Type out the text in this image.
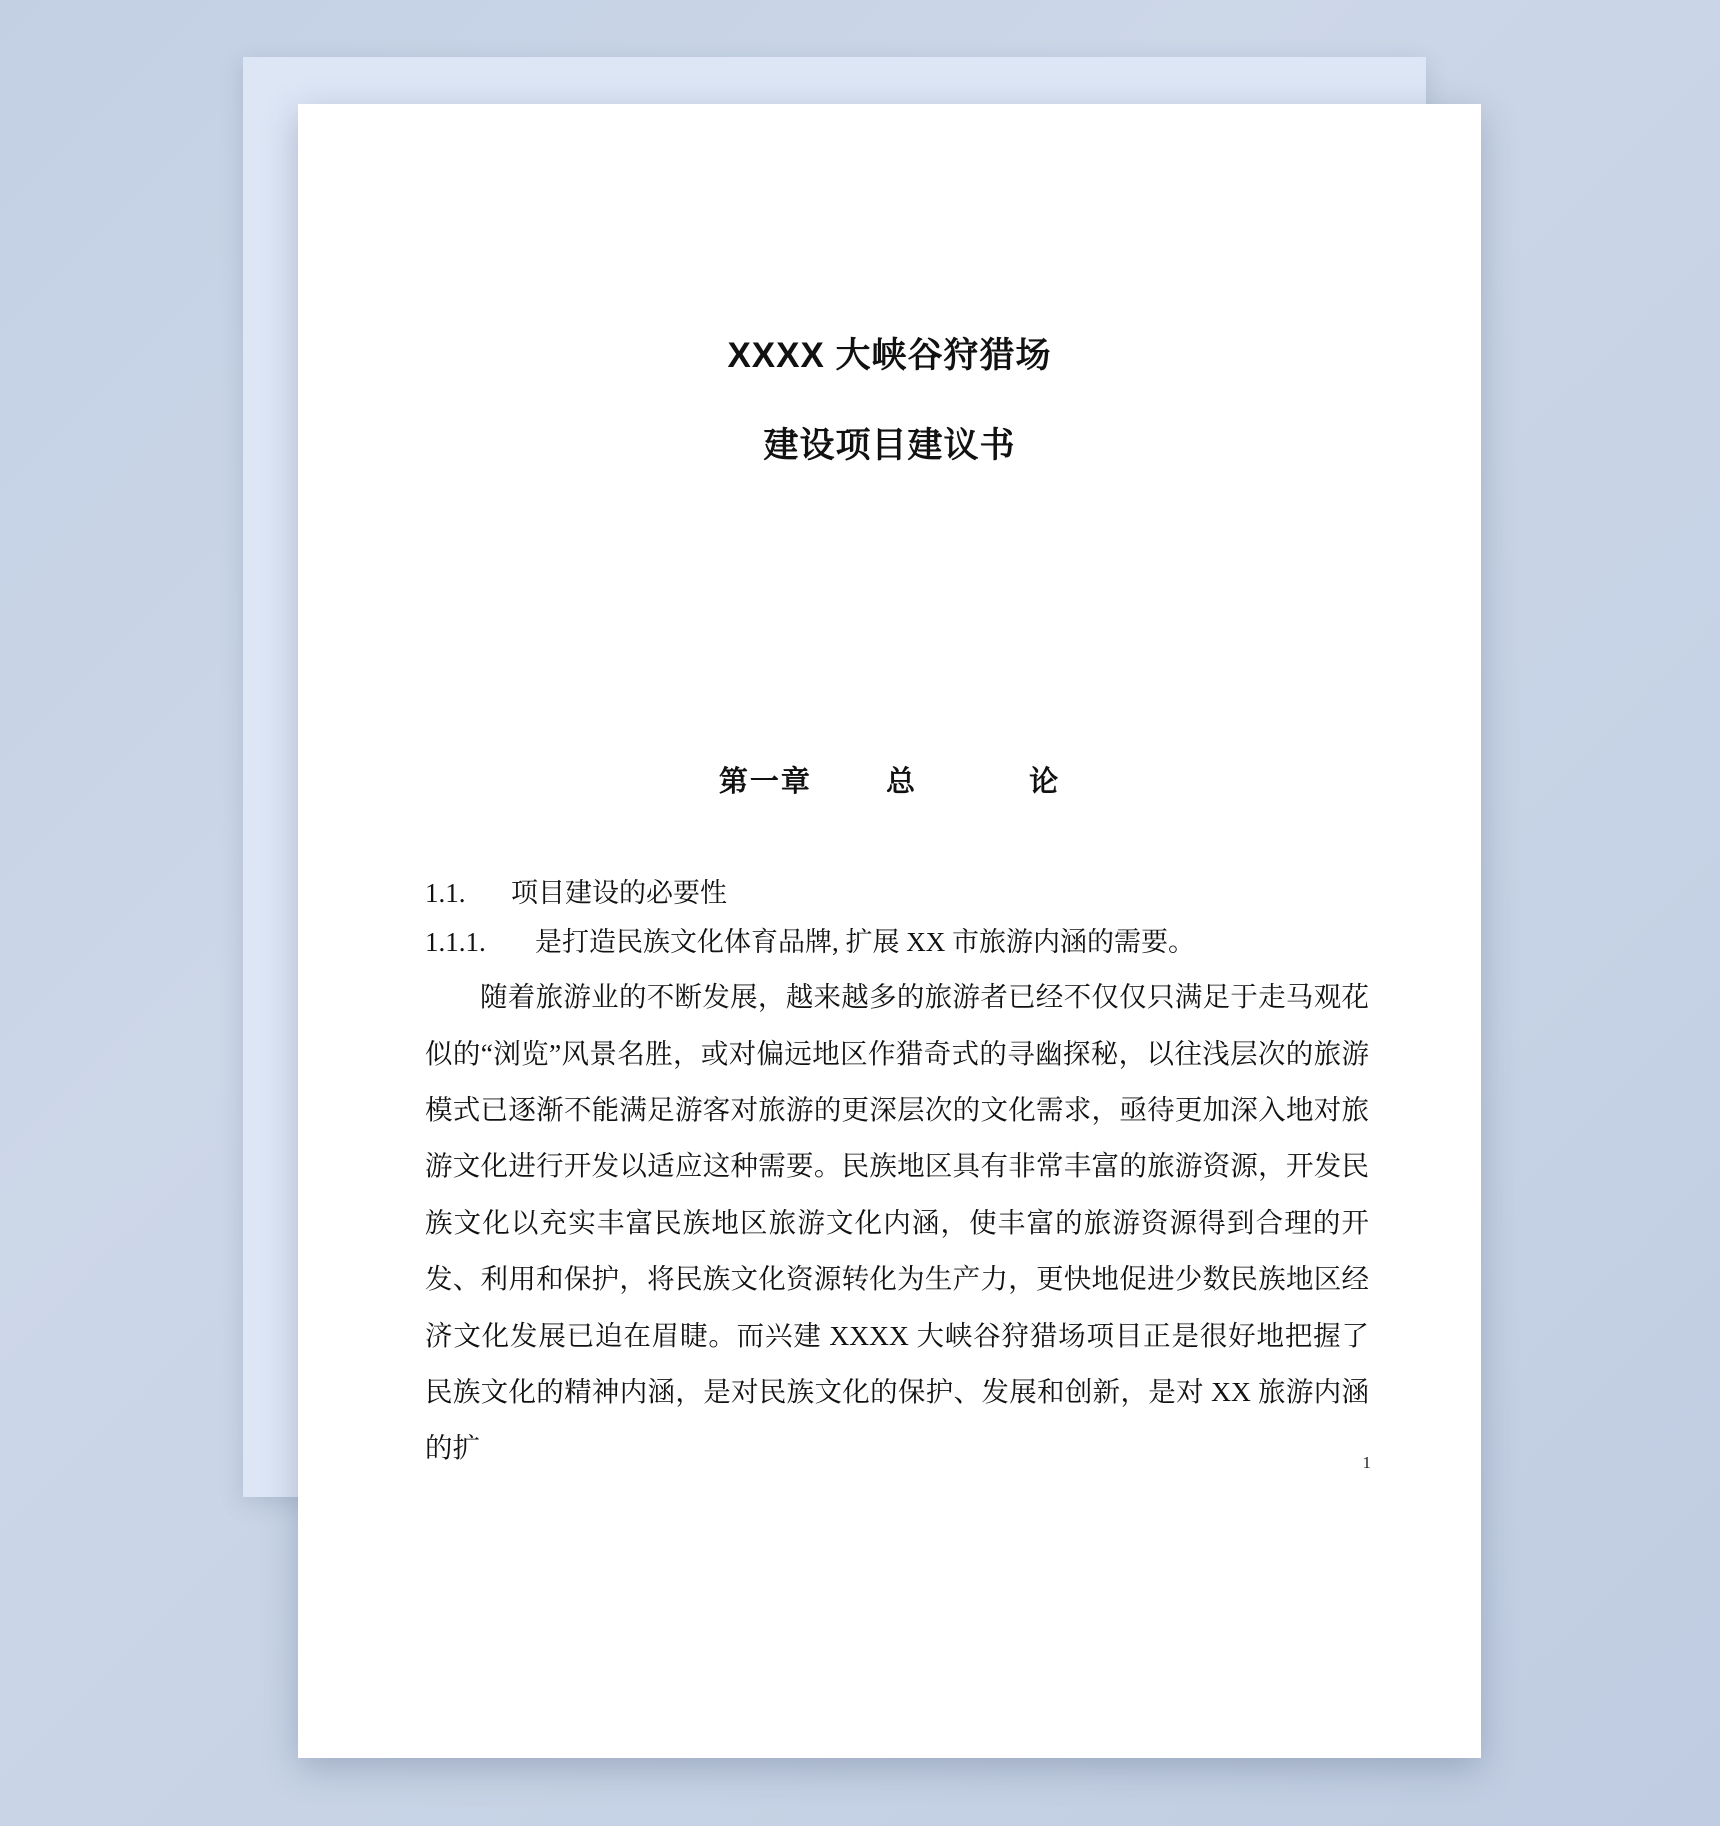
XXXX 大峡谷狩猎场
建设项目建议书
第一章	总	论

1.1. 项目建设的必要性

1.1.1. 是打造民族文化体育品牌, 扩展 XX 市旅游内涵的需要。

随着旅游业的不断发展，越来越多的旅游者已经不仅仅只满足于走马观花似的“浏览”风景名胜，或对偏远地区作猎奇式的寻幽探秘，以往浅层次的旅游模式已逐渐不能满足游客对旅游的更深层次的文化需求，亟待更加深入地对旅游文化进行开发以适应这种需要。民族地区具有非常丰富的旅游资源，开发民族文化以充实丰富民族地区旅游文化内涵，使丰富的旅游资源得到合理的开发、利用和保护，将民族文化资源转化为生产力，更快地促进少数民族地区经济文化发展已迫在眉睫。而兴建 XXXX 大峡谷狩猎场项目正是很好地把握了民族文化的精神内涵，是对民族文化的保护、发展和创新，是对 XX 旅游内涵的扩	1
